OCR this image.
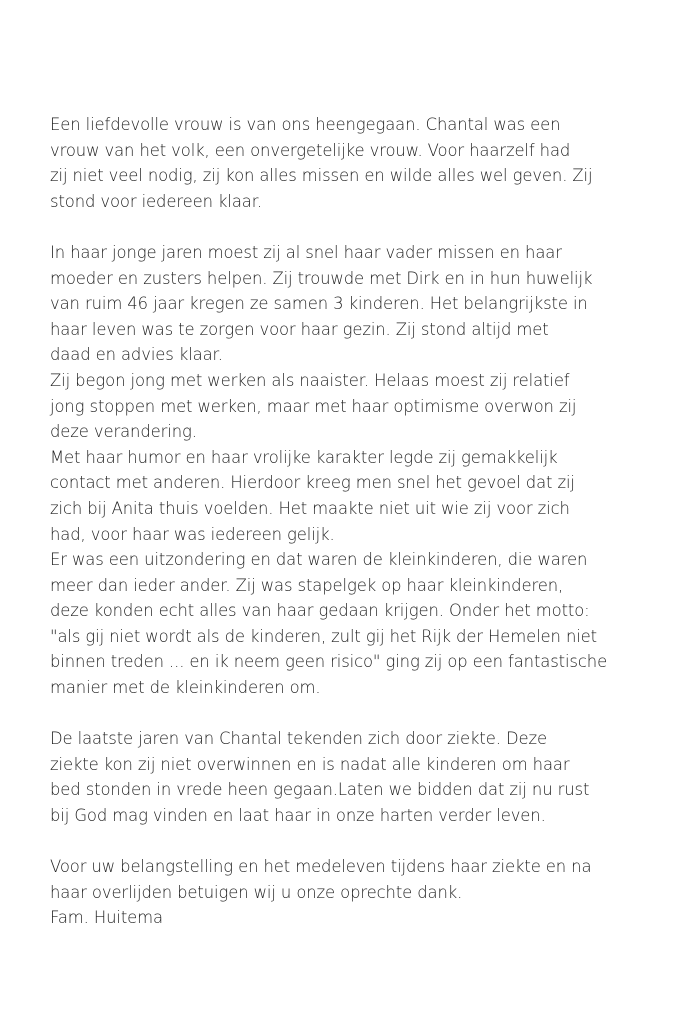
Een liefdevolle vrouw is van ons heengegaan. Chantal was een
vrouw van het volk, een onvergetelijke vrouw. Voor haarzelf had
zij niet veel nodig, zij kon alles missen en wilde alles wel geven. Zij
stond voor iedereen klaar.
In haar jonge jaren moest zij al snel haar vader missen en haar
moeder en zusters helpen. Zij trouwde met Dirk en in hun huwelijk
van ruim 46 jaar kregen ze samen 3 kinderen. Het belangrijkste in
haar leven was te zorgen voor haar gezin. Zij stond altijd met
daad en advies klaar.
Zij begon jong met werken als naaister. Helaas moest zij relatief
jong stoppen met werken, maar met haar optimisme overwon zij
deze verandering.
Met haar humor en haar vrolijke karakter legde zij gemakkelijk
contact met anderen. Hierdoor kreeg men snel het gevoel dat zij
zich bij Anita thuis voelden. Het maakte niet uit wie zij voor zich
had, voor haar was iedereen gelijk.
Er was een uitzondering en dat waren de kleinkinderen, die waren
meer dan ieder ander. Zij was stapelgek op haar kleinkinderen,
deze konden echt alles van haar gedaan krijgen. Onder het motto:
"als gij niet wordt als de kinderen, zult gij het Rijk der Hemelen niet
binnen treden ... en ik neem geen risico" ging zij op een fantastische
manier met de kleinkinderen om.
De laatste jaren van Chantal tekenden zich door ziekte. Deze
ziekte kon zij niet overwinnen en is nadat alle kinderen om haar
bed stonden in vrede heen gegaan.Laten we bidden dat zij nu rust
bij God mag vinden en laat haar in onze harten verder leven.
Voor uw belangstelling en het medeleven tijdens haar ziekte en na
haar overlijden betuigen wij u onze oprechte dank.
Fam. Huitema
